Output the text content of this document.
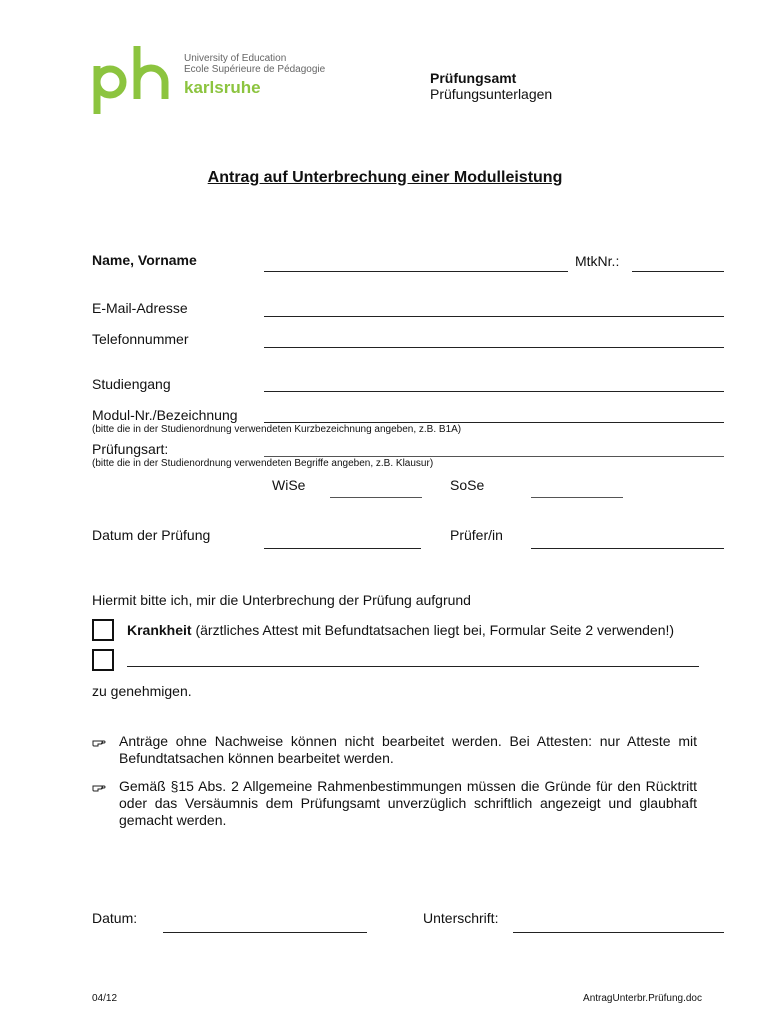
University of Education
Ecole Supérieure de Pédagogie
karlsruhe	Prüfungsamt
Prüfungsunterlagen
Antrag auf Unterbrechung einer Modulleistung
Name, Vorname	MtkNr.:
E-Mail-Adresse
Telefonnummer
Studiengang
Modul-Nr./Bezeichnung
(bitte die in der Studienordnung verwendeten Kurzbezeichnung angeben, z.B. B1A)
Prüfungsart:
(bitte die in der Studienordnung verwendeten Begriffe angeben, z.B. Klausur)
WiSe	SoSe
Datum der Prüfung	Prüfer/in
Hiermit bitte ich, mir die Unterbrechung der Prüfung aufgrund
Krankheit (ärztliches Attest mit Befundtatsachen liegt bei, Formular Seite 2 verwenden!)
zu genehmigen.
Anträge ohne Nachweise können nicht bearbeitet werden. Bei Attesten: nur Atteste mit Befundtatsachen können bearbeitet werden.
Gemäß §15 Abs. 2 Allgemeine Rahmenbestimmungen müssen die Gründe für den Rücktritt oder das Versäumnis dem Prüfungsamt unverzüglich schriftlich angezeigt und glaubhaft gemacht werden.
Datum:	Unterschrift:
04/12	AntragUnterbr.Prüfung.doc
